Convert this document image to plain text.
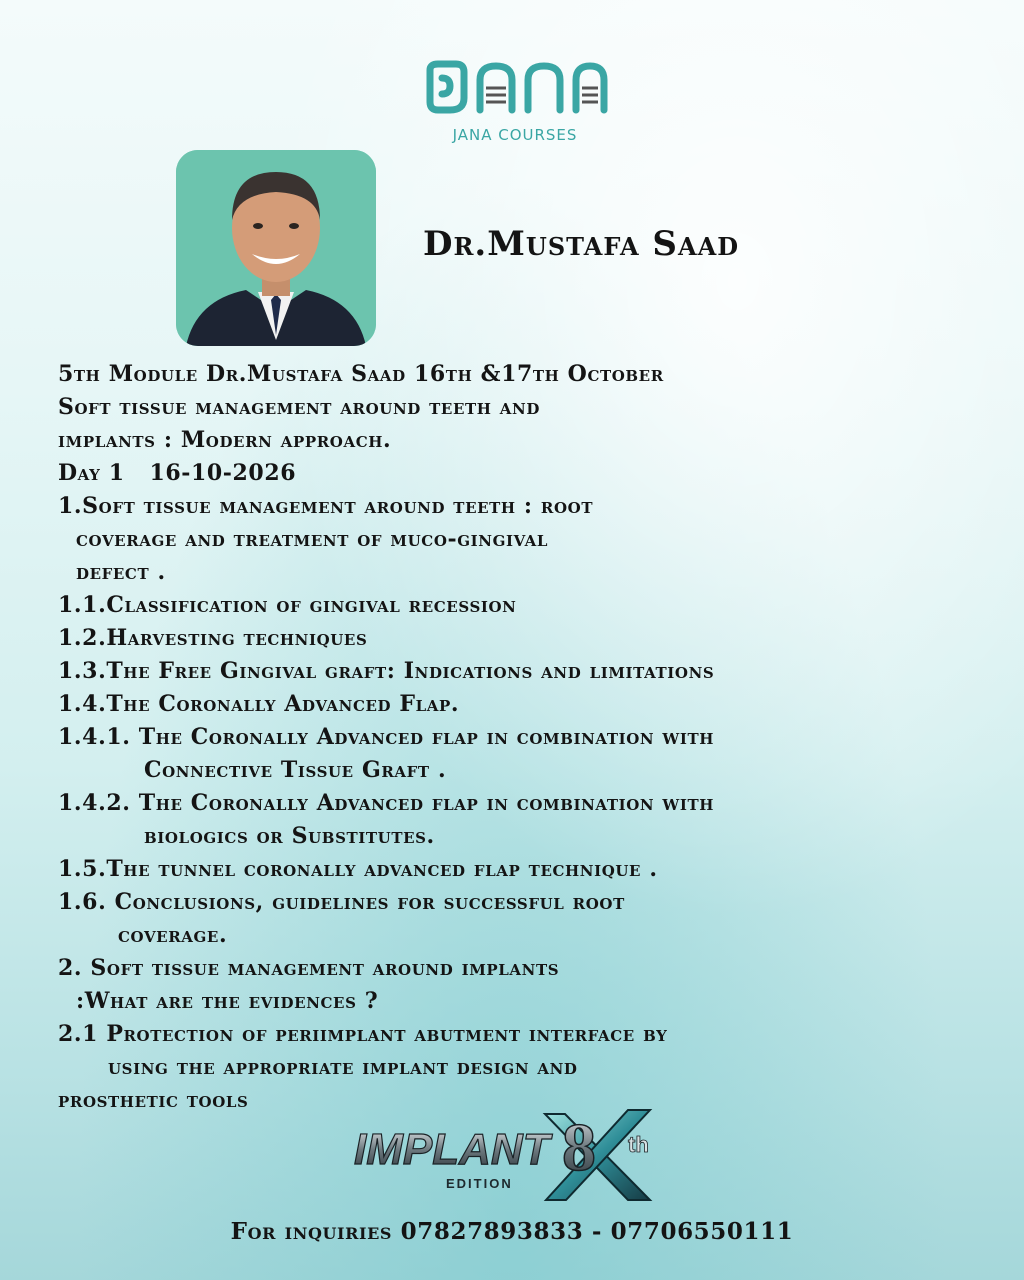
JANA COURSES
Dr.Mustafa Saad
5th Module Dr.Mustafa Saad 16th &17th October
Soft tissue management around teeth and
implants : Modern approach.
Day 1 16-10-2026
1.Soft tissue management around teeth : root
coverage and treatment of muco-gingival
defect .
1.1.Classification of gingival recession
1.2.Harvesting techniques
1.3.The Free Gingival graft: Indications and limitations
1.4.The Coronally Advanced Flap.
1.4.1. The Coronally Advanced flap in combination with
Connective Tissue Graft .
1.4.2. The Coronally Advanced flap in combination with
biologics or Substitutes.
1.5.The tunnel coronally advanced flap technique .
1.6. Conclusions, guidelines for successful root
coverage.
2. Soft tissue management around implants
:What are the evidences ?
2.1 Protection of periimplant abutment interface by
using the appropriate implant design and
prosthetic tools
IMPLANT 8 th
EDITION
For inquiries 07827893833 - 07706550111
